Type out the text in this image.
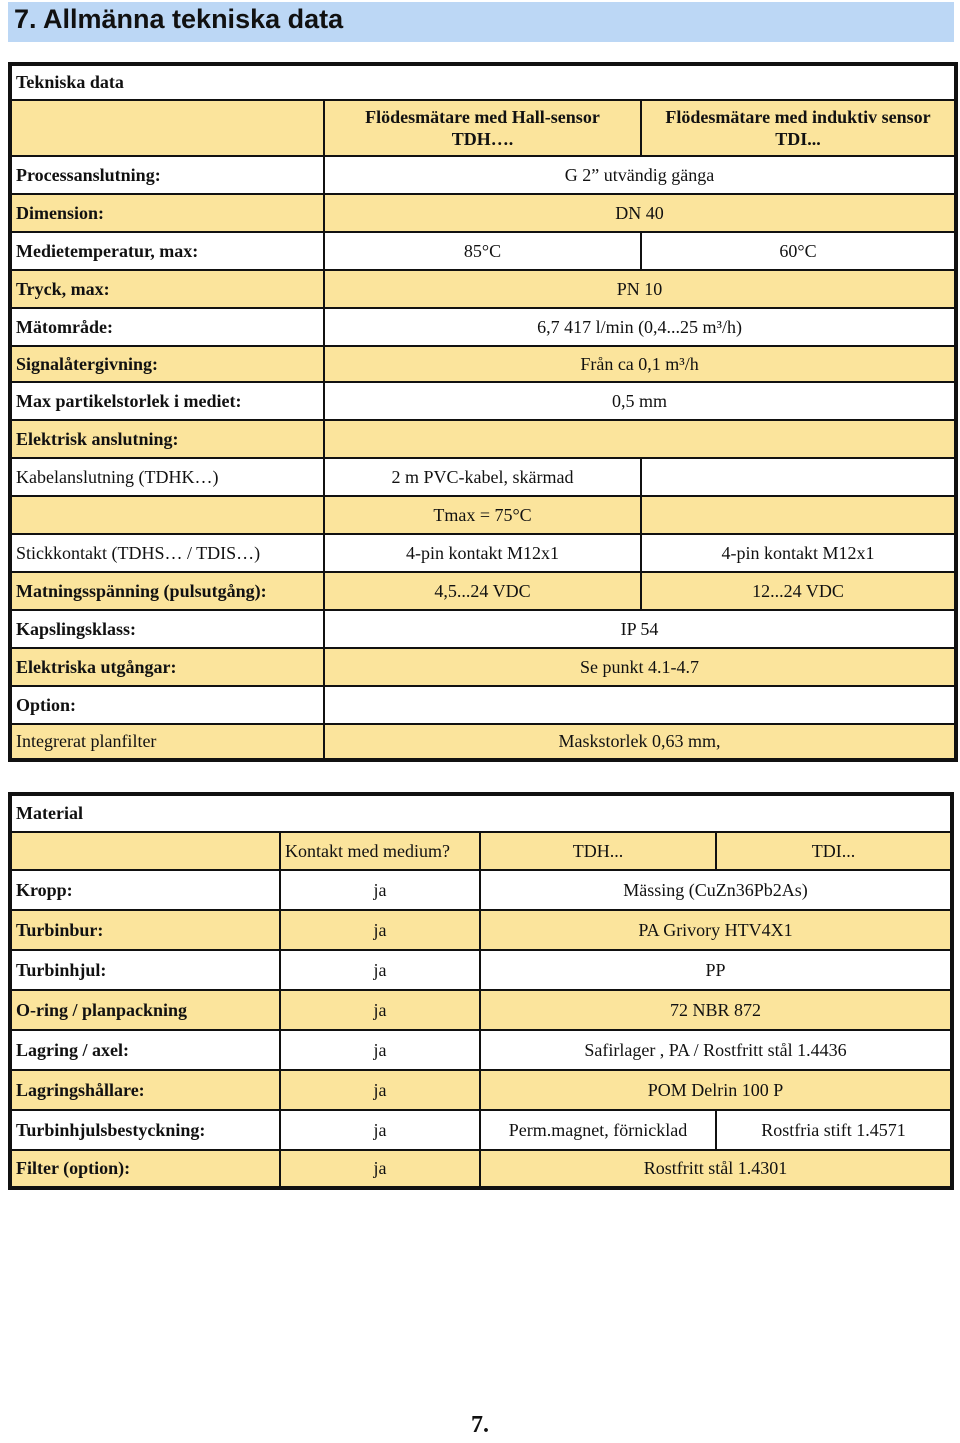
7. Allmänna tekniska data
Tekniska data		
	Flödesmätare med Hall-sensor
TDH….	Flödesmätare med induktiv sensor
TDI...
Processanslutning:	G 2” utvändig gänga	
Dimension:	DN 40	
Medietemperatur, max:	85°C	60°C
Tryck, max:	PN 10	
Mätområde:	6,7 417 l/min (0,4...25 m³/h)	
Signalåtergivning:	Från ca 0,1 m³/h	
Max partikelstorlek i mediet:	0,5 mm	
Elektrisk anslutning:		
Kabelanslutning (TDHK…)	2 m PVC-kabel, skärmad	
	Tmax = 75°C	
Stickkontakt (TDHS… / TDIS…)	4-pin kontakt M12x1	4-pin kontakt M12x1
Matningsspänning (pulsutgång):	4,5...24 VDC	12...24 VDC
Kapslingsklass:	IP 54	
Elektriska utgångar:	Se punkt 4.1-4.7	
Option:		
Integrerat planfilter	Maskstorlek 0,63 mm,	
Material			
	Kontakt med medium?	TDH...	TDI...
Kropp:	ja	Mässing (CuZn36Pb2As)	
Turbinbur:	ja	PA Grivory HTV4X1	
Turbinhjul:	ja	PP	
O-ring / planpackning	ja	72 NBR 872	
Lagring / axel:	ja	Safirlager , PA / Rostfritt stål 1.4436	
Lagringshållare:	ja	POM Delrin 100 P	
Turbinhjulsbestyckning:	ja	Perm.magnet, förnicklad	Rostfria stift 1.4571
Filter (option):	ja	Rostfritt stål 1.4301	
7.
